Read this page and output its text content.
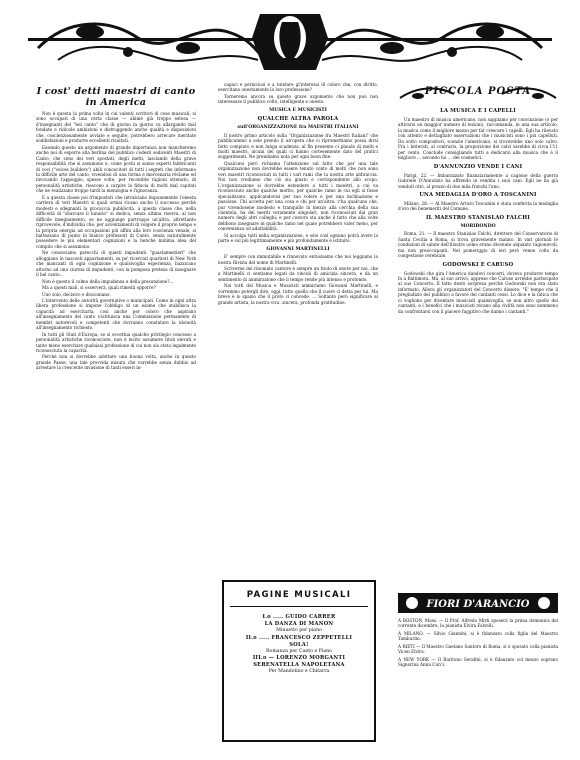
I cost' detti maestri di canto in America

Non è questa la prima volta in cui valenti scrittori di cose musicali, si sono occupati di una certa classe — ahimè già troppo estesa — d'insegnanti del "bel canto" che di giorno in giorno va allargando mal fondate e ridicole ambizioni e distruggendo anche qualità e disposizioni che, coscienziosamente avviate e seguite, potrebbero arrecare meritate soddisfazioni e produrre eccellenti risultati.

Essendo questo un argomento di grande importanza non mancheremo anche noi di esporre alla berlina del pubblico codesti sedicenti Maestri di Canto, che sono dei veri spostati, degli inetti, lasciando della grave responsabilità che si assumono e, come pochi si sanno esperti fabbricanti di voci ("voices builders") abili conoscitori di tutti i segreti che informano la difficile arte del canto, vivendosi di una forma e mercenaria réclame ed invocando l'appoggio, spesse volte, per recondite ragioni ottenuto, di personalità artistiche, riescono a carpire la fiducia di molti mal capitati che ne realizzano troppo tardi la menzogna e l'ignoranza.

E a questa classe poi d'impostori che intralciano impunemente l'onesta carriera di veri Maestri si quali ormai ricano anche il successo perchè modesti e sdegnanti la procaccia pubblicità, a questa classe che, nella difficoltà di "sbarcare il lunario" si dedica, senza ultima riserva, al non difficile insegnamento, se ne aggiunge purtroppo un'altra, altrettanto riprovevole, d'individui che, per avventamenti di volgere il proprio tempo e la propria energia ad occupazioni più affini alla loro coscienza venale, si battezzano di punto in bianco professori di Canto, senza naturalmente possedere le più elementari cognizioni e la benchè minima idea del compito che si assumono.

Ne conosciamo parecchi di questi impudenti "guastamestieri" che alloggiano in nascosti appartamenti, su pe' ricercati quartieri di New York che mancanti di ogni cognizione e qualsivoglia esperienza, bazzicano attorno ad una ciurma di impudenti, con la pomposa pretesa di insegnare il bel canto...

Non è questo il colmo della impudenza e della presunzione?...

Ma a questi mali, si osserverà, quali rimedii opporre?

Uno solo, decisivo e draconiano.

L'intervento delle autorità governative o municipali. Come in ogni altra libera professione si impone l'obbligo di un esame che stabilisca la capacità ad esercitarla, così anche per coloro che aspirano all'insegnamento del canto s'istituisca una Commissione permanente di membri autorevoli e competenti che dovranno constatare la idoneità all'insegnamento richiesto.

In tutti gli Stati d'Europa, se si eccettua qualche privilegio concesso a personalità artistiche riconosciute, non è lecito assumere titoli elevati e tanto meno esercitare qualsiasi professione di cui non sia stata legalmente riconosciuta la capacità.

Perchè non si dovrebbe adottare una buona volta, anche in questo grande Paese, una tale provvida misura che varrebbe senza dubbio ad arrestare la crescente invasione di tanti esseri in-

capaci e perniciosi e a tutelare gl'interessi di coloro che, con diritto, esercitano onestamente la loro professione?

Torneremo ancora su questo grave argomento che non può non interessare il pubblico colto, intelligente e onesto.

MUSICA E MUSICISTI
QUALCHE ALTRA PAROLA
sull'ORGANIZZAZIONE fra MAESTRI ITALIANI

Il nostro primo articolo sulla "Organizzazione fra Maestri Italiani" che pubblicammo a sole prendo il un'opera che ci ripromettiamo possa dirsi fatto compiuto e non lunga scadenza, al fin presente ci plaudo di molti e molti maestri, alcuni dei quali ci hanno cortesemente dato del pratici suggerimenti. Ne prendiamo nota per ogni buon fine.

Qualcuno però richiama l'attenzione sul fatto che per una tale organizzazione non dovrebbe essere tenuto conto di molti che non sono veri maestri riconosciuti in tutti i vari rami che la nostra arte abbraccia. Noi non crediamo che ciò sia giusto e corrispondente allo scopo. L'organizzazione si dovrebbe estendere a tutti i maestri, a cui va riconosciuto anche qualche merito, per qualche ramo in cui egli si fosse specializzato, applicandovisi per suo volere e per una inclinazione e passione. Chi accetta per una cosa e chi per un'altra: v'ha qualcuno che, pur vivendosene modesto e tranquillo in mezzo alla cerchia della sua clientela, ha dei meriti veramente singolari, non riconosciuti dal gran numero degli altri colleghi; e per costoro sta anche il fatto che alla volte debbono insegnare in qualche ramo nel quale potrebbero valer meno, per convenienza od adattabilità.

Si accolga tutti nella organizzazione, e solo così ognuno potrà avere la parte e sul più legittimamente e più profondamente è istituito.

GIOVANNI MARTINELLI

E' sempre con immutabile e rinnovato entusiasmo che noi leggiamo la nostra Rivista del nome di Martinelli.

Scriverne dei rinomato cantore è sempre un titolo di onore per noi, che a Martinelli ci sentiamo legati da vincoli di amicizia sincera, e da un sentimento di ammirazione che il tempo rende più intenso e profondo.

Noi tutti del Musica e Musicisti ammiriamo Giovanni Martinelli, e vorremmo potergli dire, oggi, tutto quello che il cuore ci detta per lui. Ma breve è lo spazio che il proto ci concede. ... Soltanto però significare al grande artista, la nostra viva, sincera, profonda gratitudine.

PAGINE MUSICALI
I.o ..... GUIDO CARRER
LA DANZA DI MANON
Minuetto per piano
II.o ..... FRANCESCO ZEPPETELLI
SOLA!
Romanza per Canto e Piano
III.o — LORENZO MORGANTI
SERENATELLA NAPOLETANA
Per Mandolino e Chitarra
PICCOLA POSTA
LA MUSICA E I CAPELLI

Un maestro di musica americano, non sappiamo per convinzione (o per attirarsi un maggior numero di lezioni), raccomanda, in una sua articolo, la musica come il migliore mezzo per far crescere i capelli. Egli ha rilevato con attento e dettagliato osservazioni che i musicisti sono i più capelluti. Da sotto compositori, scenzie l'americano, si troverebbe uno solo calvo. Fra i letterati, al contrario, la proporzione dei calvi sarebbe di circa l'11 per cento. Conclude consigliando tutti a dedicarsi alla musica che è il migliore ... secondo lui ... dei cosmetici.

D'ANNUNZIO VENDE I CANI

Parigi, 22. — Imbarazzato finanziariamente a cagione della guerra Gabriele D'Annunzio ha affrendo in vendita i suoi cani. Egli ne ha già venduti otto, al prezzo di due mila franchi l'uno.

UNA MEDAGLIA D'ORO A TOSCANINI

Milano, 28. — Al Maestro Arturo Toscanini è stata conferita la medaglia d'oro dei benemeriti del Comune.

IL MAESTRO STANISLAO FALCHI
MORIBONDO

Roma, 21. — Il maestro Stanislao Falchi, direttore del Conservatorio di Santa Cecilia a Roma, si trova gravemente malato. In vari giornali le condizioni di salute dell'illustre uomo erano divenute alquanto ragionevoli, ma non preoccupanti. Nel pomeriggio di ieri però venne colto da congestione cerebrale.

GODOWSKI E CARUSO

Godowski che gira l'America dandovi concerti, doveva produrre tempo fa a Baltimora. Ma, al suo arrivo, apprese che Caruso avrebbe partecipato al suo Concerto. Il fatto destò sorpresa perchè Godowski non era stato informato. Allora gli organizzatori del Concerto dissero: "E' tempo che il pregiudizio del pubblico a favore dei cantanti cessi. Lo dice e la fatica che ci vogliono per diventare musicisti qualsivoglia, se non altro quello dei cantanti, e i benefici che i musicisti recano alla civiltà non sono nemmeno da confrontarsi con il piacere fuggitivo che danno i cantanti."

FIORI D'ARANCIO

A BOSTON, Mass. — Il Prof. Alfredo Mirti sposerà la prima domenica del corrente dicembre, la pianista Elvira Falvelli.

A MILANO. — Silvio Giannini, si è fidanzato colla figlia del Maestro Tamburini.

A RIETI — Il Maestro Gaetano Santoro di Roma, si è sposato colla pianista Vicen Elvira.

A NEW YORK — Il Baritono Serafini, si è fidanzato col mezzo soprano Signorina Anna Curci.
